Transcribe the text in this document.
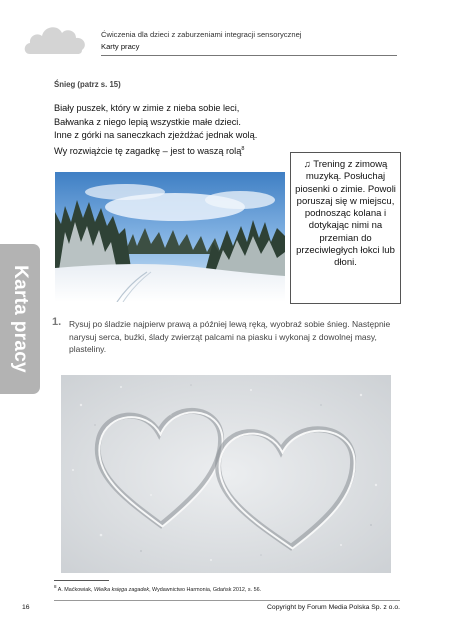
Ćwiczenia dla dzieci z zaburzeniami integracji sensorycznej
Karty pracy
Śnieg (patrz s. 15)
Biały puszek, który w zimie z nieba sobie leci,
Bałwanka z niego lepią wszystkie małe dzieci.
Inne z górki na saneczkach zjeżdżać jednak wolą.
Wy rozwiążcie tę zagadkę – jest to waszą rolą$^8$
♫ Trening z zimową muzyką. Posłuchaj piosenki o zimie. Powoli poruszaj się w miejscu, podnosząc kolana i dotykając nimi na przemian do przeciwległych łokci lub dłoni.
Karta pracy 1. Rysuj po śladzie najpierw prawą a później lewą ręką, wyobraź sobie śnieg. Następnie narysuj serca, buźki, ślady zwierząt palcami na piasku i wykonaj z dowolnej masy, plasteliny.
$^8$ A. Maćkowiak, Wielka księga zagadek, Wydawnictwo Harmonia, Gdańsk 2012, s. 56.
16	Copyright by Forum Media Polska Sp. z o.o.
